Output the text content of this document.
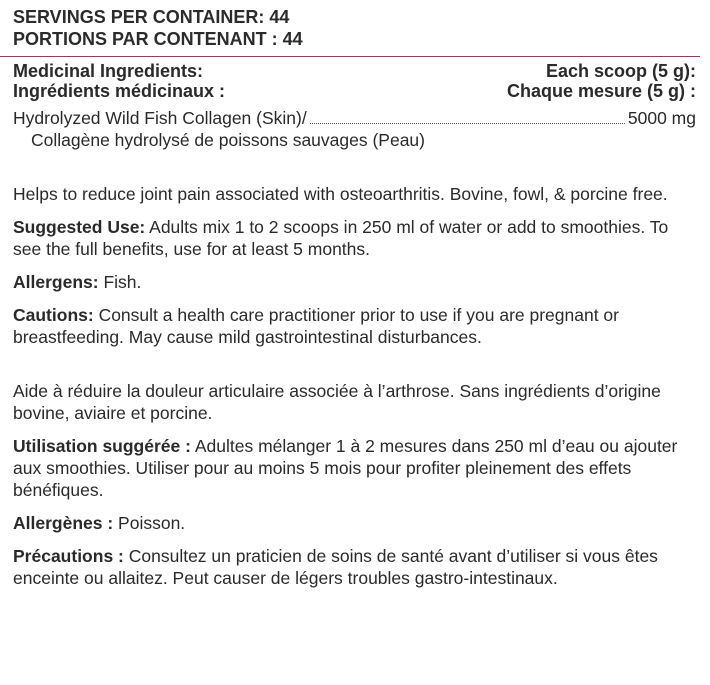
SERVINGS PER CONTAINER: 44
PORTIONS PAR CONTENANT : 44
Medicinal Ingredients:
Ingrédients médicinaux :
Each scoop (5 g):
Chaque mesure (5 g) :
Hydrolyzed Wild Fish Collagen (Skin)/	5000 mg
Collagène hydrolysé de poissons sauvages (Peau)

Helps to reduce joint pain associated with osteoarthritis. Bovine, fowl, & porcine free.

Suggested Use: Adults mix 1 to 2 scoops in 250 ml of water or add to smoothies. To see the full benefits, use for at least 5 months.

Allergens: Fish.

Cautions: Consult a health care practitioner prior to use if you are pregnant or breastfeeding. May cause mild gastrointestinal disturbances.

Aide à réduire la douleur articulaire associée à l’arthrose. Sans ingrédients d’origine bovine, aviaire et porcine.

Utilisation suggérée : Adultes mélanger 1 à 2 mesures dans 250 ml d’eau ou ajouter aux smoothies. Utiliser pour au moins 5 mois pour profiter pleinement des effets bénéfiques.

Allergènes : Poisson.

Précautions : Consultez un praticien de soins de santé avant d’utiliser si vous êtes enceinte ou allaitez. Peut causer de légers troubles gastro-intestinaux.
